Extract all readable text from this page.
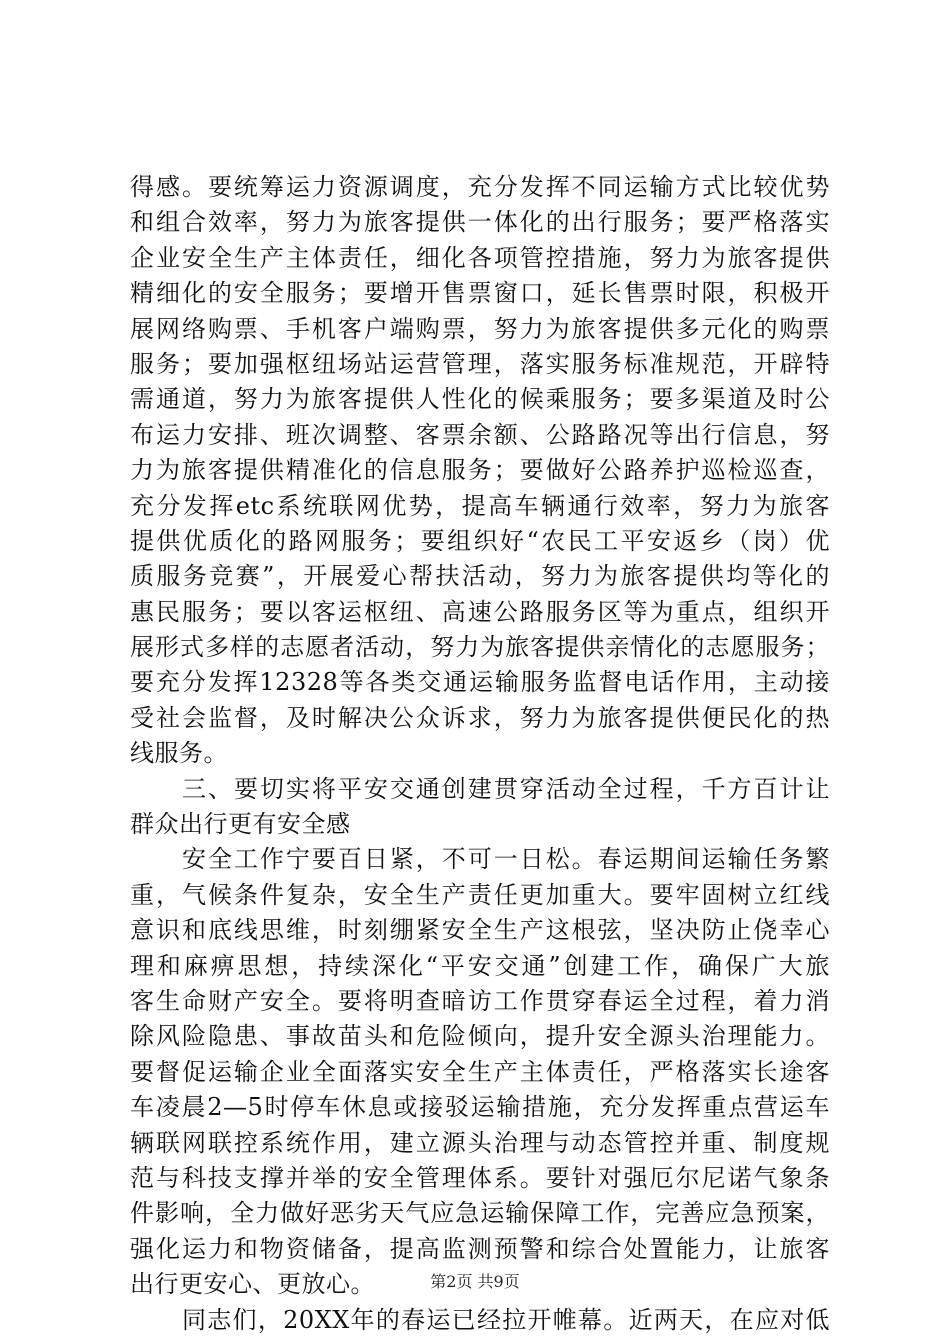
得感。要统筹运力资源调度，充分发挥不同运输方式比较优势
和组合效率，努力为旅客提供一体化的出行服务；要严格落实
企业安全生产主体责任，细化各项管控措施，努力为旅客提供
精细化的安全服务；要增开售票窗口，延长售票时限，积极开
展网络购票、手机客户端购票，努力为旅客提供多元化的购票
服务；要加强枢纽场站运营管理，落实服务标准规范，开辟特
需通道，努力为旅客提供人性化的候乘服务；要多渠道及时公
布运力安排、班次调整、客票余额、公路路况等出行信息，努
力为旅客提供精准化的信息服务；要做好公路养护巡检巡查，
充分发挥etc系统联网优势，提高车辆通行效率，努力为旅客
提供优质化的路网服务；要组织好“农民工平安返乡（岗）优
质服务竞赛”，开展爱心帮扶活动，努力为旅客提供均等化的
惠民服务；要以客运枢纽、高速公路服务区等为重点，组织开
展形式多样的志愿者活动，努力为旅客提供亲情化的志愿服务；
要充分发挥12328等各类交通运输服务监督电话作用，主动接
受社会监督，及时解决公众诉求，努力为旅客提供便民化的热
线服务。
三、要切实将平安交通创建贯穿活动全过程，千方百计让
群众出行更有安全感
安全工作宁要百日紧，不可一日松。春运期间运输任务繁
重，气候条件复杂，安全生产责任更加重大。要牢固树立红线
意识和底线思维，时刻绷紧安全生产这根弦，坚决防止侥幸心
理和麻痹思想，持续深化“平安交通”创建工作，确保广大旅
客生命财产安全。要将明查暗访工作贯穿春运全过程，着力消
除风险隐患、事故苗头和危险倾向，提升安全源头治理能力。
要督促运输企业全面落实安全生产主体责任，严格落实长途客
车凌晨2—5时停车休息或接驳运输措施，充分发挥重点营运车
辆联网联控系统作用，建立源头治理与动态管控并重、制度规
范与科技支撑并举的安全管理体系。要针对强厄尔尼诺气象条
件影响，全力做好恶劣天气应急运输保障工作，完善应急预案，
强化运力和物资储备，提高监测预警和综合处置能力，让旅客
出行更安心、更放心。
同志们，20XX年的春运已经拉开帷幕。近两天，在应对低
第2页 共9页
